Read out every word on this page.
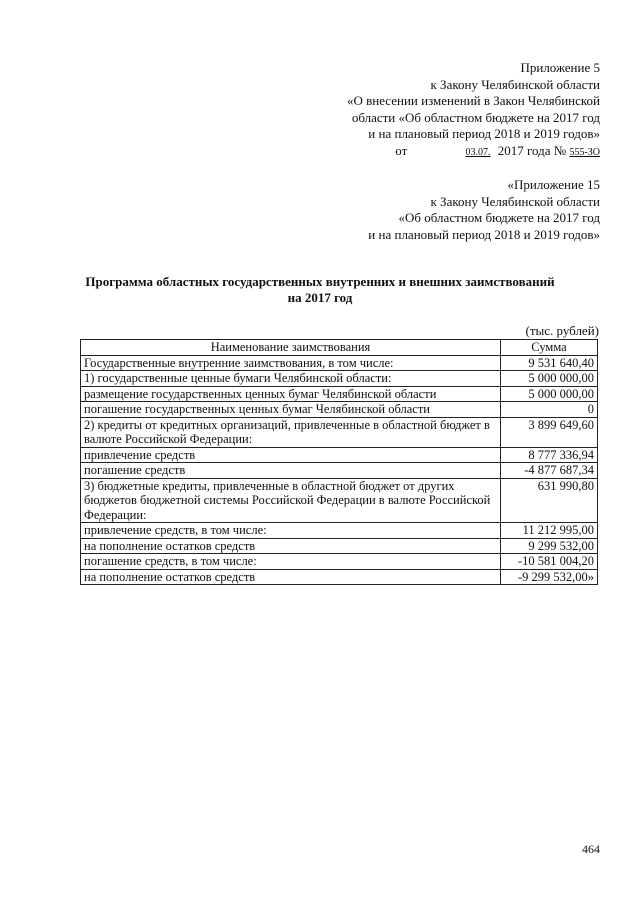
Приложение 5
к Закону Челябинской области
«О внесении изменений в Закон Челябинской
области «Об областном бюджете на 2017 год
и на плановый период 2018 и 2019 годов»
от	03.07. 2017 года № 555-ЗО
«Приложение 15
к Закону Челябинской области
«Об областном бюджете на 2017 год
и на плановый период 2018 и 2019 годов»
Программа областных государственных внутренних и внешних заимствований
на 2017 год
(тыс. рублей)
Наименование заимствования	Сумма
Государственные внутренние заимствования, в том числе:	9 531 640,40
1) государственные ценные бумаги Челябинской области:	5 000 000,00
размещение государственных ценных бумаг Челябинской области	5 000 000,00
погашение государственных ценных бумаг Челябинской области	0
2) кредиты от кредитных организаций, привлеченные в областной бюджет в валюте Российской Федерации:	3 899 649,60
привлечение средств	8 777 336,94
погашение средств	-4 877 687,34
3) бюджетные кредиты, привлеченные в областной бюджет от других бюджетов бюджетной системы Российской Федерации в валюте Российской Федерации:	631 990,80
привлечение средств, в том числе:	11 212 995,00
на пополнение остатков средств	9 299 532,00
погашение средств, в том числе:	-10 581 004,20
на пополнение остатков средств	-9 299 532,00»
464
